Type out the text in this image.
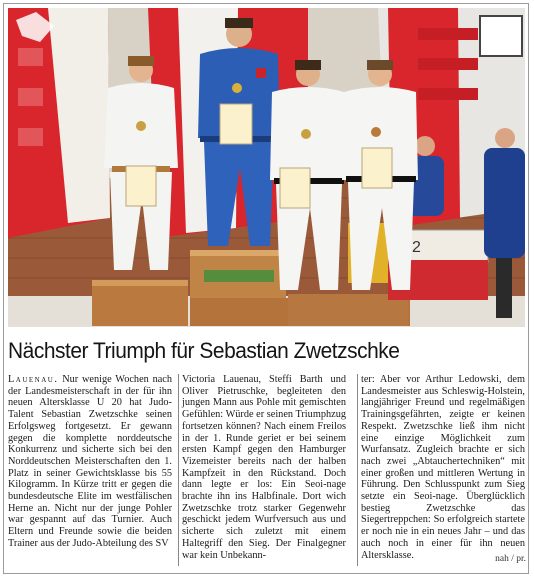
2
Nächster Triumph für Sebastian Zwetzschke
Lauenau. Nur wenige Wochen nach der Landesmeisterschaft in der für ihn neuen Altersklasse U 20 hat Judo-Talent Sebastian Zwetzschke seinen Erfolgsweg fortgesetzt. Er gewann gegen die komplette norddeutsche Konkurrenz und sicherte sich bei den Norddeutschen Meisterschaften den 1. Platz in seiner Gewichtsklasse bis 55 Kilogramm. In Kürze tritt er gegen die bundesdeutsche Elite im westfälischen Herne an. Nicht nur der junge Pohler war gespannt auf das Turnier. Auch Eltern und Freunde sowie die beiden Trainer aus der Judo-Abteilung des SV
Victoria Lauenau, Steffi Barth und Oliver Pietruschke, begleiteten den jungen Mann aus Pohle mit gemischten Gefühlen: Würde er seinen Triumphzug fortsetzen können? Nach einem Freilos in der 1. Runde geriet er bei seinem ersten Kampf gegen den Hamburger Vizemeister bereits nach der halben Kampfzeit in den Rückstand. Doch dann legte er los: Ein Seoi-nage brachte ihn ins Halbfinale. Dort wich Zwetzschke trotz starker Gegenwehr geschickt jedem Wurfversuch aus und sicherte sich zuletzt mit einem Haltegriff den Sieg. Der Finalgegner war kein Unbekann-
ter: Aber vor Arthur Ledowski, dem Landesmeister aus Schleswig-Holstein, langjähriger Freund und regelmäßigen Trainingsgefährten, zeigte er keinen Respekt. Zwetzschke ließ ihm nicht eine einzige Möglichkeit zum Wurfansatz. Zugleich brachte er sich nach zwei „Abtauchertechniken“ mit einer großen und mittleren Wertung in Führung. Den Schlusspunkt zum Sieg setzte ein Seoi-nage. Überglücklich bestieg Zwetzschke das Siegertreppchen: So erfolgreich startete er noch nie in ein neues Jahr – und das auch noch in einer für ihn neuen Altersklasse.	nah / pr.
